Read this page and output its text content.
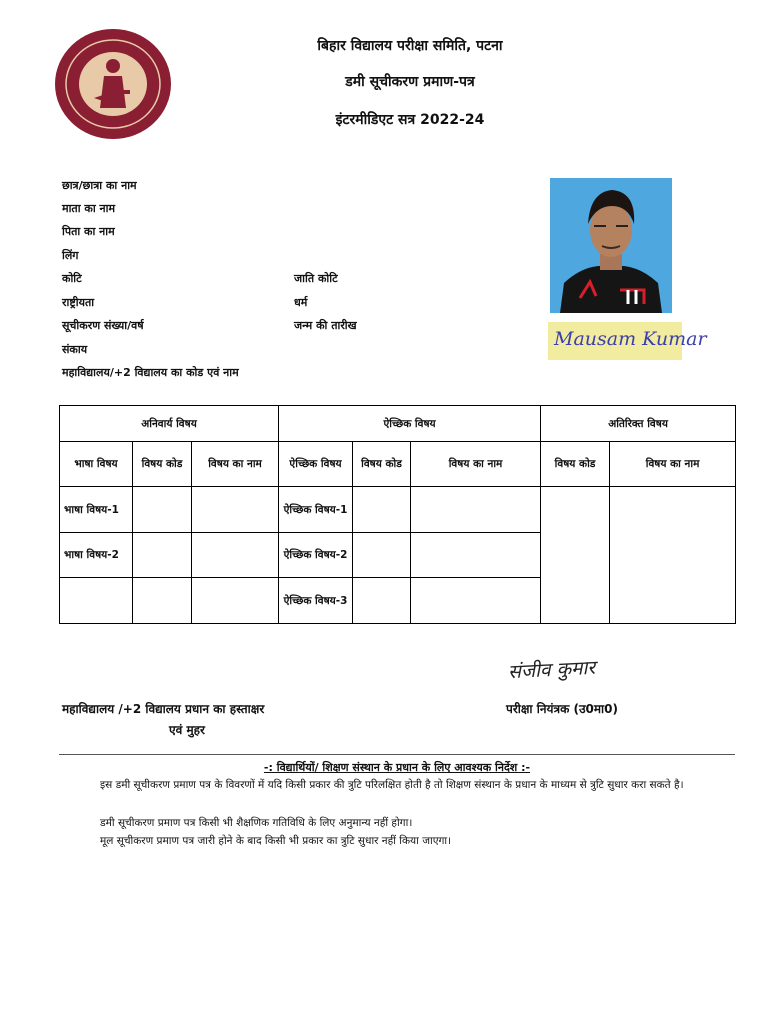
बिहार विद्यालय परीक्षा समिति, पटना
डमी सूचीकरण प्रमाण-पत्र
इंटरमीडिएट सत्र 2022-24
छात्र/छात्रा का नाम
माता का नाम
पिता का नाम
लिंग
कोटि	जाति कोटि
राष्ट्रीयता	धर्म
सूचीकरण संख्या/वर्ष	जन्म की तारीख
संकाय
महाविद्यालय/+2 विद्यालय का कोड एवं नाम
Mausam Kumar
अनिवार्य विषय			ऐच्छिक विषय			अतिरिक्त विषय	
भाषा विषय	विषय कोड	विषय का नाम	ऐच्छिक विषय	विषय कोड	विषय का नाम	विषय कोड	विषय का नाम
भाषा विषय-1			ऐच्छिक विषय-1				
भाषा विषय-2			ऐच्छिक विषय-2				
			ऐच्छिक विषय-3				
संजीव कुमार
महाविद्यालय /+2 विद्यालय प्रधान का हस्ताक्षर
एवं मुहर
परीक्षा नियंत्रक (उ0मा0)
-: विद्यार्थियों/ शिक्षण संस्थान के प्रधान के लिए आवश्यक निर्देश :-
इस डमी सूचीकरण प्रमाण पत्र के विवरणों में यदि किसी प्रकार की त्रुटि परिलक्षित होती है तो शिक्षण संस्थान के प्रधान के माध्यम से त्रुटि सुधार करा सकते है।
डमी सूचीकरण प्रमाण पत्र किसी भी शैक्षणिक गतिविधि के लिए अनुमान्य नहीं होगा।
मूल सूचीकरण प्रमाण पत्र जारी होने के बाद किसी भी प्रकार का त्रुटि सुधार नहीं किया जाएगा।
